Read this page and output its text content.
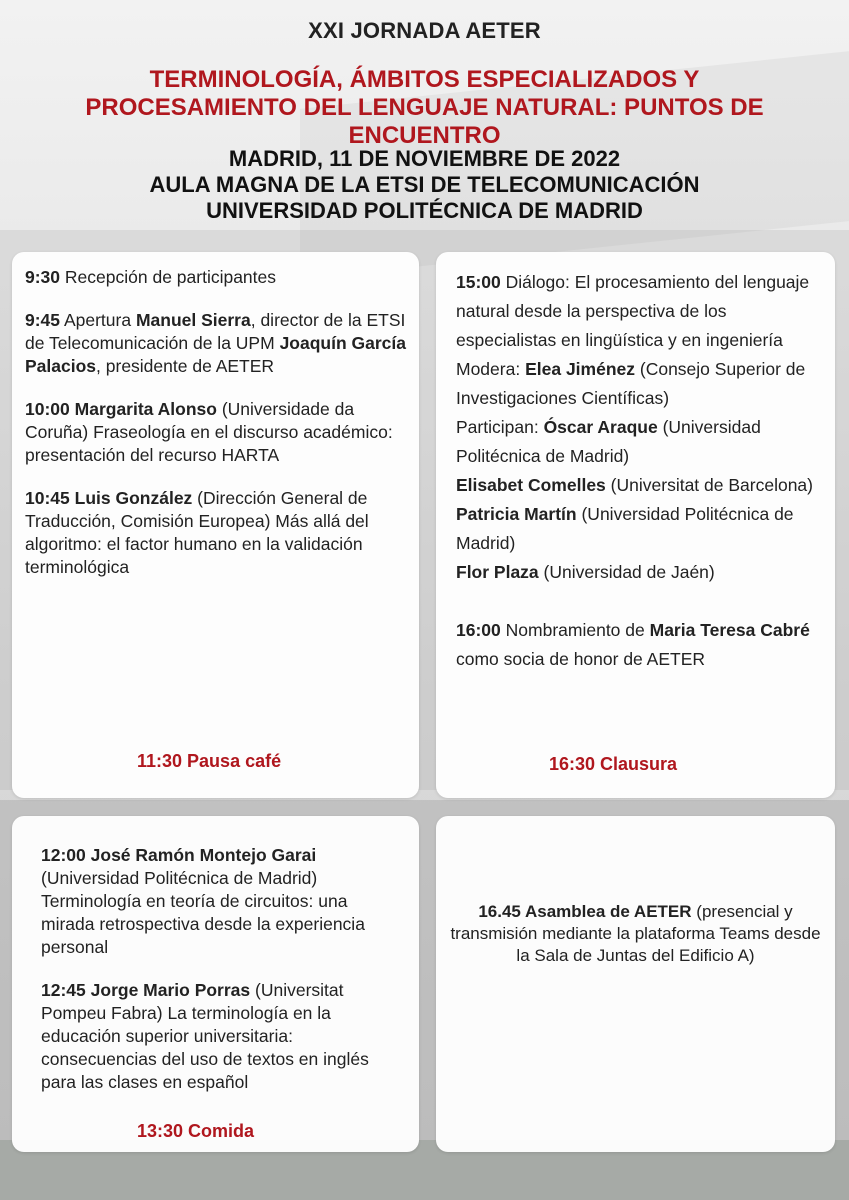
XXI JORNADA AETER
TERMINOLOGÍA, ÁMBITOS ESPECIALIZADOS Y PROCESAMIENTO DEL LENGUAJE NATURAL: PUNTOS DE ENCUENTRO
MADRID, 11 DE NOVIEMBRE DE 2022
AULA MAGNA DE LA ETSI DE TELECOMUNICACIÓN
UNIVERSIDAD POLITÉCNICA DE MADRID
9:30 Recepción de participantes
9:45 Apertura Manuel Sierra, director de la ETSI de Telecomunicación de la UPM Joaquín García Palacios, presidente de AETER
10:00 Margarita Alonso (Universidade da Coruña) Fraseología en el discurso académico: presentación del recurso HARTA
10:45 Luis González (Dirección General de Traducción, Comisión Europea) Más allá del algoritmo: el factor humano en la validación terminológica
11:30 Pausa café
15:00 Diálogo: El procesamiento del lenguaje natural desde la perspectiva de los especialistas en lingüística y en ingeniería
Modera: Elea Jiménez (Consejo Superior de Investigaciones Científicas)
Participan: Óscar Araque (Universidad Politécnica de Madrid)
Elisabet Comelles (Universitat de Barcelona)
Patricia Martín (Universidad Politécnica de Madrid)
Flor Plaza (Universidad de Jaén)
16:00 Nombramiento de Maria Teresa Cabré como socia de honor de AETER
16:30 Clausura
12:00 José Ramón Montejo Garai (Universidad Politécnica de Madrid) Terminología en teoría de circuitos: una mirada retrospectiva desde la experiencia personal
12:45 Jorge Mario Porras (Universitat Pompeu Fabra) La terminología en la educación superior universitaria: consecuencias del uso de textos en inglés para las clases en español
13:30 Comida
16.45 Asamblea de AETER (presencial y transmisión mediante la plataforma Teams desde la Sala de Juntas del Edificio A)
